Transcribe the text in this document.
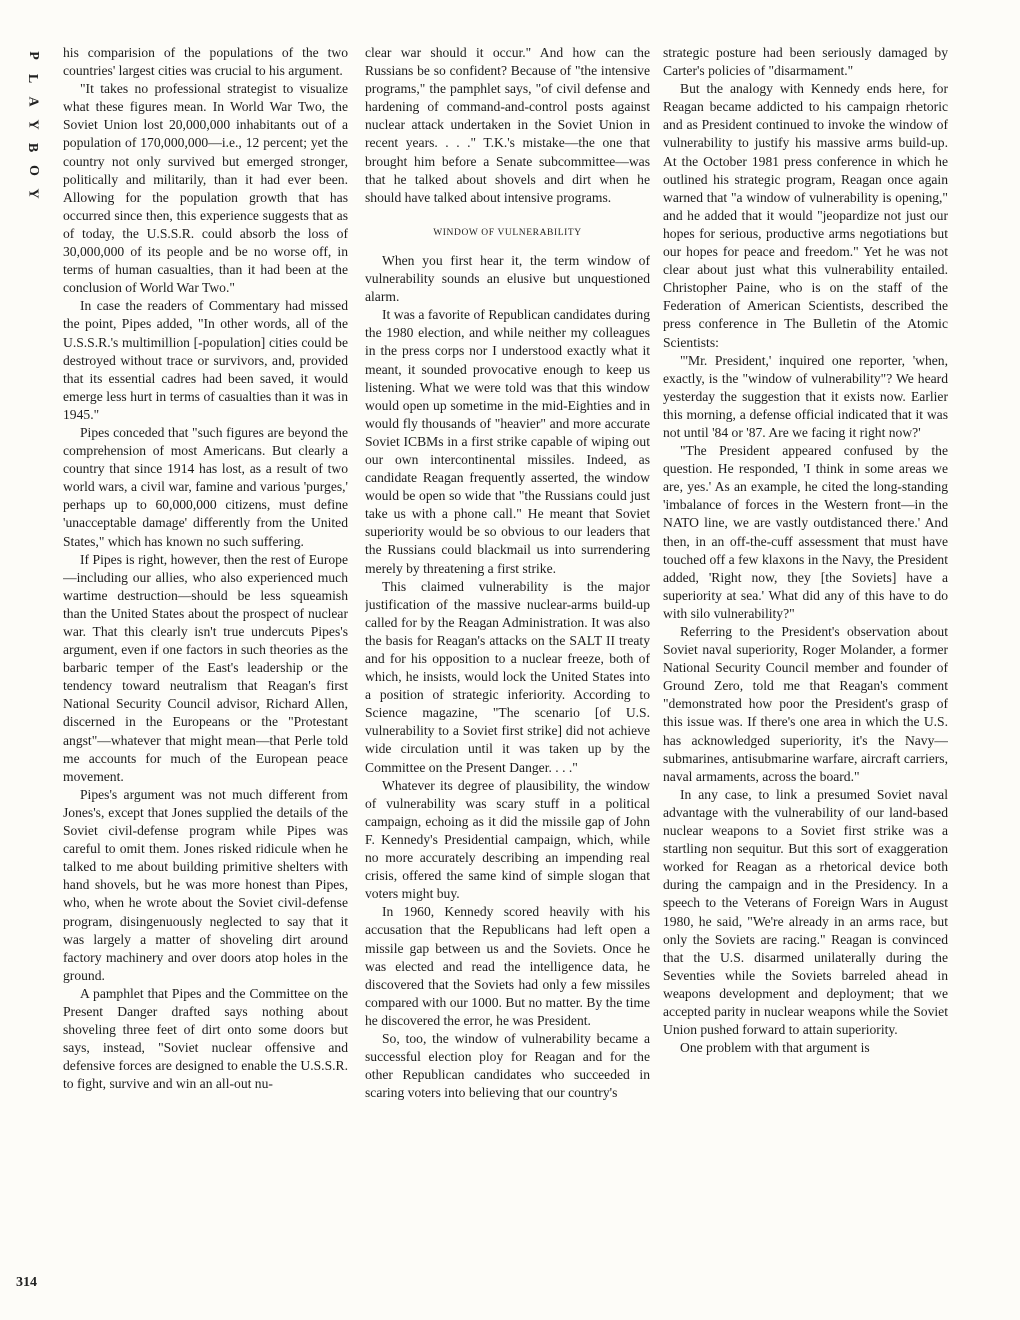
P
L
A
Y
B
O
Y

his comparision of the populations of the two countries' largest cities was crucial to his argument.

"It takes no professional strategist to visualize what these figures mean. In World War Two, the Soviet Union lost 20,000,000 inhabitants out of a population of 170,000,000—i.e., 12 percent; yet the country not only survived but emerged stronger, politically and militarily, than it had ever been. Allowing for the population growth that has occurred since then, this experience suggests that as of today, the U.S.S.R. could absorb the loss of 30,000,000 of its people and be no worse off, in terms of human casualties, than it had been at the conclusion of World War Two."

In case the readers of Commentary had missed the point, Pipes added, "In other words, all of the U.S.S.R.'s multimillion [-population] cities could be destroyed without trace or survivors, and, provided that its essential cadres had been saved, it would emerge less hurt in terms of casualties than it was in 1945."

Pipes conceded that "such figures are beyond the comprehension of most Americans. But clearly a country that since 1914 has lost, as a result of two world wars, a civil war, famine and various 'purges,' perhaps up to 60,000,000 citizens, must define 'unacceptable damage' differently from the United States," which has known no such suffering.

If Pipes is right, however, then the rest of Europe—including our allies, who also experienced much wartime destruction—should be less squeamish than the United States about the prospect of nuclear war. That this clearly isn't true undercuts Pipes's argument, even if one factors in such theories as the barbaric temper of the East's leadership or the tendency toward neutralism that Reagan's first National Security Council advisor, Richard Allen, discerned in the Europeans or the "Protestant angst"—whatever that might mean—that Perle told me accounts for much of the European peace movement.

Pipes's argument was not much different from Jones's, except that Jones supplied the details of the Soviet civil-defense program while Pipes was careful to omit them. Jones risked ridicule when he talked to me about building primitive shelters with hand shovels, but he was more honest than Pipes, who, when he wrote about the Soviet civil-defense program, disingenuously neglected to say that it was largely a matter of shoveling dirt around factory machinery and over doors atop holes in the ground.

A pamphlet that Pipes and the Committee on the Present Danger drafted says nothing about shoveling three feet of dirt onto some doors but says, instead, "Soviet nuclear offensive and defensive forces are designed to enable the U.S.S.R. to fight, survive and win an all-out nu-

clear war should it occur." And how can the Russians be so confident? Because of "the intensive programs," the pamphlet says, "of civil defense and hardening of command-and-control posts against nuclear attack undertaken in the Soviet Union in recent years. . . ." T.K.'s mistake—the one that brought him before a Senate subcommittee—was that he talked about shovels and dirt when he should have talked about intensive programs.

WINDOW OF VULNERABILITY

When you first hear it, the term window of vulnerability sounds an elusive but unquestioned alarm.

It was a favorite of Republican candidates during the 1980 election, and while neither my colleagues in the press corps nor I understood exactly what it meant, it sounded provocative enough to keep us listening. What we were told was that this window would open up sometime in the mid-Eighties and in would fly thousands of "heavier" and more accurate Soviet ICBMs in a first strike capable of wiping out our own intercontinental missiles. Indeed, as candidate Reagan frequently asserted, the window would be open so wide that "the Russians could just take us with a phone call." He meant that Soviet superiority would be so obvious to our leaders that the Russians could blackmail us into surrendering merely by threatening a first strike.

This claimed vulnerability is the major justification of the massive nuclear-arms build-up called for by the Reagan Administration. It was also the basis for Reagan's attacks on the SALT II treaty and for his opposition to a nuclear freeze, both of which, he insists, would lock the United States into a position of strategic inferiority. According to Science magazine, "The scenario [of U.S. vulnerability to a Soviet first strike] did not achieve wide circulation until it was taken up by the Committee on the Present Danger. . . ."

Whatever its degree of plausibility, the window of vulnerability was scary stuff in a political campaign, echoing as it did the missile gap of John F. Kennedy's Presidential campaign, which, while no more accurately describing an impending real crisis, offered the same kind of simple slogan that voters might buy.

In 1960, Kennedy scored heavily with his accusation that the Republicans had left open a missile gap between us and the Soviets. Once he was elected and read the intelligence data, he discovered that the Soviets had only a few missiles compared with our 1000. But no matter. By the time he discovered the error, he was President.

So, too, the window of vulnerability became a successful election ploy for Reagan and for the other Republican candidates who succeeded in scaring voters into believing that our country's

strategic posture had been seriously damaged by Carter's policies of "disarmament."

But the analogy with Kennedy ends here, for Reagan became addicted to his campaign rhetoric and as President continued to invoke the window of vulnerability to justify his massive arms build-up. At the October 1981 press conference in which he outlined his strategic program, Reagan once again warned that "a window of vulnerability is opening," and he added that it would "jeopardize not just our hopes for serious, productive arms negotiations but our hopes for peace and freedom." Yet he was not clear about just what this vulnerability entailed. Christopher Paine, who is on the staff of the Federation of American Scientists, described the press conference in The Bulletin of the Atomic Scientists:

"'Mr. President,' inquired one reporter, 'when, exactly, is the "window of vulnerability"? We heard yesterday the suggestion that it exists now. Earlier this morning, a defense official indicated that it was not until '84 or '87. Are we facing it right now?'

"The President appeared confused by the question. He responded, 'I think in some areas we are, yes.' As an example, he cited the long-standing 'imbalance of forces in the Western front—in the NATO line, we are vastly outdistanced there.' And then, in an off-the-cuff assessment that must have touched off a few klaxons in the Navy, the President added, 'Right now, they [the Soviets] have a superiority at sea.' What did any of this have to do with silo vulnerability?"

Referring to the President's observation about Soviet naval superiority, Roger Molander, a former National Security Council member and founder of Ground Zero, told me that Reagan's comment "demonstrated how poor the President's grasp of this issue was. If there's one area in which the U.S. has acknowledged superiority, it's the Navy—submarines, antisubmarine warfare, aircraft carriers, naval armaments, across the board."

In any case, to link a presumed Soviet naval advantage with the vulnerability of our land-based nuclear weapons to a Soviet first strike was a startling non sequitur. But this sort of exaggeration worked for Reagan as a rhetorical device both during the campaign and in the Presidency. In a speech to the Veterans of Foreign Wars in August 1980, he said, "We're already in an arms race, but only the Soviets are racing." Reagan is convinced that the U.S. disarmed unilaterally during the Seventies while the Soviets barreled ahead in weapons development and deployment; that we accepted parity in nuclear weapons while the Soviet Union pushed forward to attain superiority.

One problem with that argument is

314
